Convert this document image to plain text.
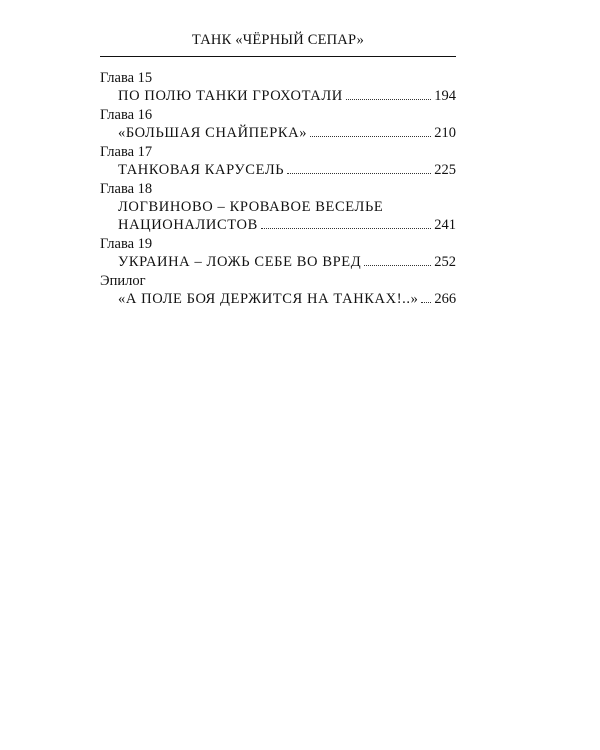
ТАНК «ЧЁРНЫЙ СЕПАР»
Глава 15
ПО ПОЛЮ ТАНКИ ГРОХОТАЛИ	194
Глава 16
«БОЛЬШАЯ СНАЙПЕРКА»	210
Глава 17
ТАНКОВАЯ КАРУСЕЛЬ	225
Глава 18
ЛОГВИНОВО – КРОВАВОЕ ВЕСЕЛЬЕ
НАЦИОНАЛИСТОВ	241
Глава 19
УКРАИНА – ЛОЖЬ СЕБЕ ВО ВРЕД	252
Эпилог
«А ПОЛЕ БОЯ ДЕРЖИТСЯ НА ТАНКАХ!..» 266
